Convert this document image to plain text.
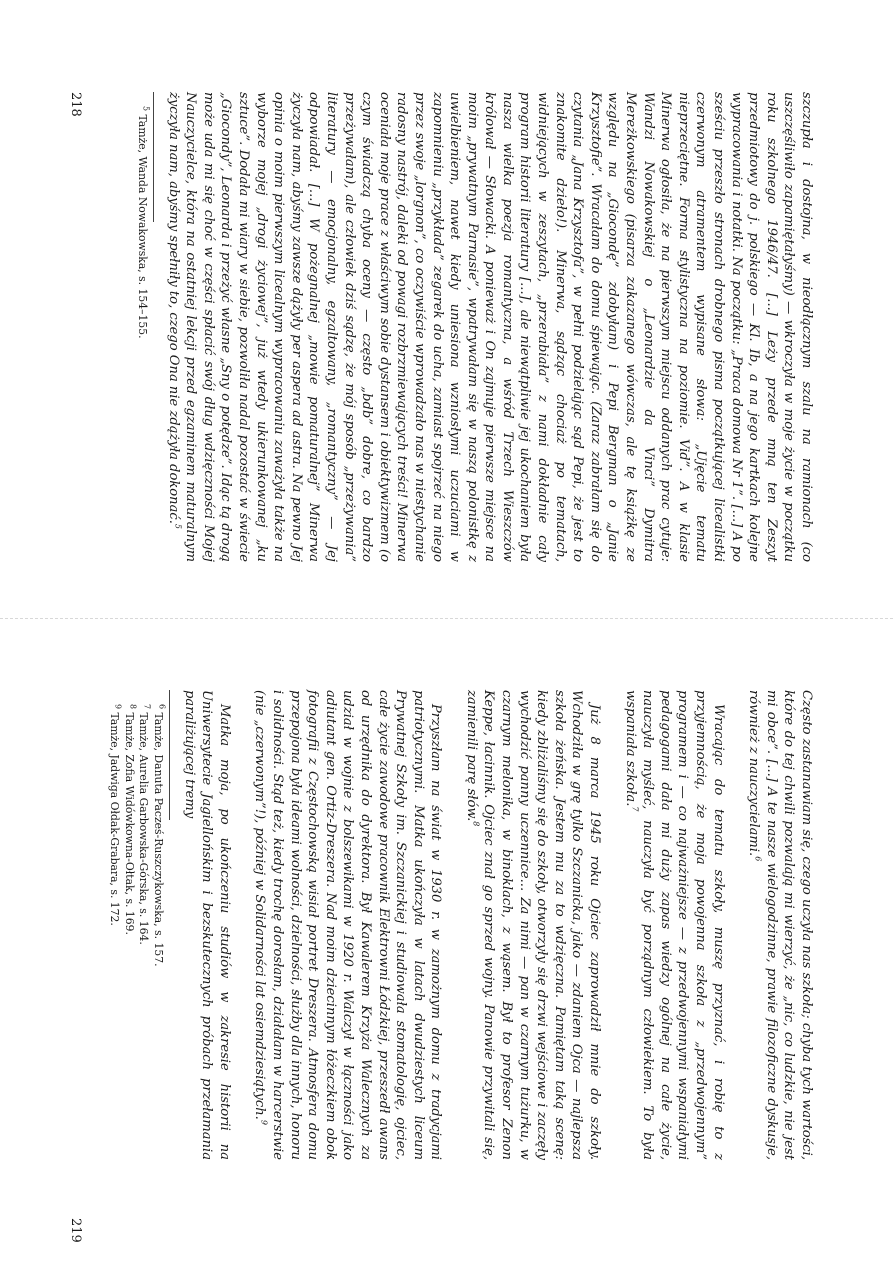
szczupła i dostojna, w nieodłącznym szalu na ramionach (co uszczęśliwiło zapamiętałyśmy) — wkroczyła w moje życie w początku roku szkolnego 1946/47. [...] Leży przede mną ten Zeszyt przedmiotowy do j. polskiego — Kl. Ib, a na jego kartkach kolejne wypracowania i notatki. Na początku: „Praca domowa Nr 1”. [...] A po sześciu przeszło stronach drobnego pisma początkującej licealistki czerwonym atramentem wypisane słowa: „Ujęcie tematu nieprzeciętne. Forma stylistyczna na poziomie. Vid”. A w klasie Minerwa ogłosiła, że na pierwszym miejscu oddanych prac cytuje: Wandzi Nowakowskiej o „Leonardzie da Vinci” Dymitra Mereżkowskiego (pisarza zakazanego wówczas, ale tę książkę ze względu na „Giocondę” zdobyłam) i Pepi Bergman o „Janie Krzysztofie”. Wracałam do domu śpiewając. (Zaraz zabrałam się do czytania „Jana Krzysztofa”, w pełni podzielając sąd Pepi, że jest to znakomite dzieło!). Minerwa, sądząc chociaż po tematach, widniejących w zeszytach, „przerabiała” z nami dokładnie cały program historii literatury [...], ale niewątpliwie jej ukochaniem była nasza wielka poezja romantyczna, a wśród Trzech Wieszczów królował — Słowacki. A ponieważ i On zajmuje pierwsze miejsce na moim „prywatnym Parnasie”, wpatrywałam się w naszą polonistkę z uwielbieniem, nawet kiedy uniesiona wzniosłymi uczuciami w zapomnieniu „przykłada” zegarek do ucha, zamiast spojrzeć na niego przez swoje „lorgnon”, co oczywiście wprowadzało nas w niestychanie radosny nastrój, daleki od powagi rozbrzmiewających treści! Minerwa oceniała moje prace z właściwym sobie dystansem i obiektywizmem (o czym świadczą chyba oceny — często „bdb” dobre, co bardzo przeżywałam), ale człowiek dziś sądzę, że mój sposób „przeżywania” literatury — emocjonalny, egzaltowany, „romantyczny” — Jej odpowiadał. [...] W pożegnalnej „mowie pomaturalnej” Minerwa życzyła nam, abyśmy zawsze dążyły per aspera ad astra. Na pewno Jej opinia o moim pierwszym licealnym wypracowaniu zaważyła także na wyborze mojej „drogi życiowej”, już wtedy ukierunkowanej „ku sztuce”. Dodała mi wiary w siebie, pozwoliła nadal pozostać w świecie „Giocondy”, Leonarda i przeżyć własne „Sny o potędze”. Idąc tą drogą może uda mi się choć w części spłacić swój dług wdzięczności Mojej Nauczycielce, która na ostatniej lekcji przed egzaminem maturalnym życzyła nam, abyśmy spełniły to, czego Ona nie zdążyła dokonać.$^5$

$^5$ Tamże, Wanda Nowakowska, s. 154–155.
218

Często zastanawiam się, czego uczyła nas szkoła; chyba tych wartości, które do tej chwili pozwalają mi wierzyć, że „nic, co ludzkie, nie jest mi obce”. [...] A te nasze wielogodzinne, prawie filozoficzne dyskusje, również z nauczycielami.$^6$

Wracając do tematu szkoły, muszę przyznać, i robię to z przyjemnością, że moja powojenna szkoła z „przedwojennym” programem i — co najważniejsze — z przedwojennymi wspaniałymi pedagogami dała mi duży zapas wiedzy ogólnej na całe życie, nauczyła myśleć, nauczyła być porządnym człowiekiem. To była wspaniała szkoła.$^7$

Już 8 marca 1945 roku Ojciec zaprowadził mnie do szkoły. Wchodziła w grę tylko Szczanicka, jako — zdaniem Ojca — najlepsza szkoła żeńska. Jestem mu za to wdzięczna. Pamiętam taką scenę: kiedy zbliżaliśmy się do szkoły, otworzyły się drzwi wejściowe i zaczęły wychodzić panny uczennice... Za nimi — pan w czarnym tużurku, w czarnym melonika, w binoklach, z wąsem. Był to profesor Zenon Keppe, łacinnik. Ojciec znał go sprzed wojny. Panowie przywitali się, zamienili parę słów.$^8$

Przyszłam na świat w 1930 r. w zamożnym domu z tradycjami patriotycznymi. Matka ukończyła w latach dwudziestych liceum Prywatnej Szkoły im. Szczanickiej i studiowała stomatologię, ojciec, całe życie zawodowe pracownik Elektrowni Łódzkiej, przeszedł awans od urzędnika do dyrektora. Był Kawalerem Krzyża Walecznych za udział w wojnie z bolszewikami w 1920 r. Walczył w łączności jako adiutant gen. Ortiz-Dreszera. Nad moim dziecinnym łóżeczkiem obok fotografii z Częstochowską wisiał portret Dreszera. Atmosfera domu przepojona była ideami wolności, dzielności, służby dla innych, honoru i solidności. Stąd też, kiedy trochę dorosłam, działałam w harcerstwie (nie „czerwonym”!), później w Solidarności lat osiemdziesiątych.$^9$

Matka moja, po ukończeniu studiów w zakresie historii na Uniwersytecie Jagiellońskim i bezskutecznych próbach przełamania paraliżującej tremy

$^6$ Tamże, Danuta Pacześ-Ruszczykowska, s. 157.
$^7$ Tamże, Aurelia Garbowska-Górska, s. 164.
$^8$ Tamże, Zofia Widówkowna-Ołtak, s. 169.
$^9$ Tamże, Jadwiga Ołdak-Grabara, s. 172.
219
